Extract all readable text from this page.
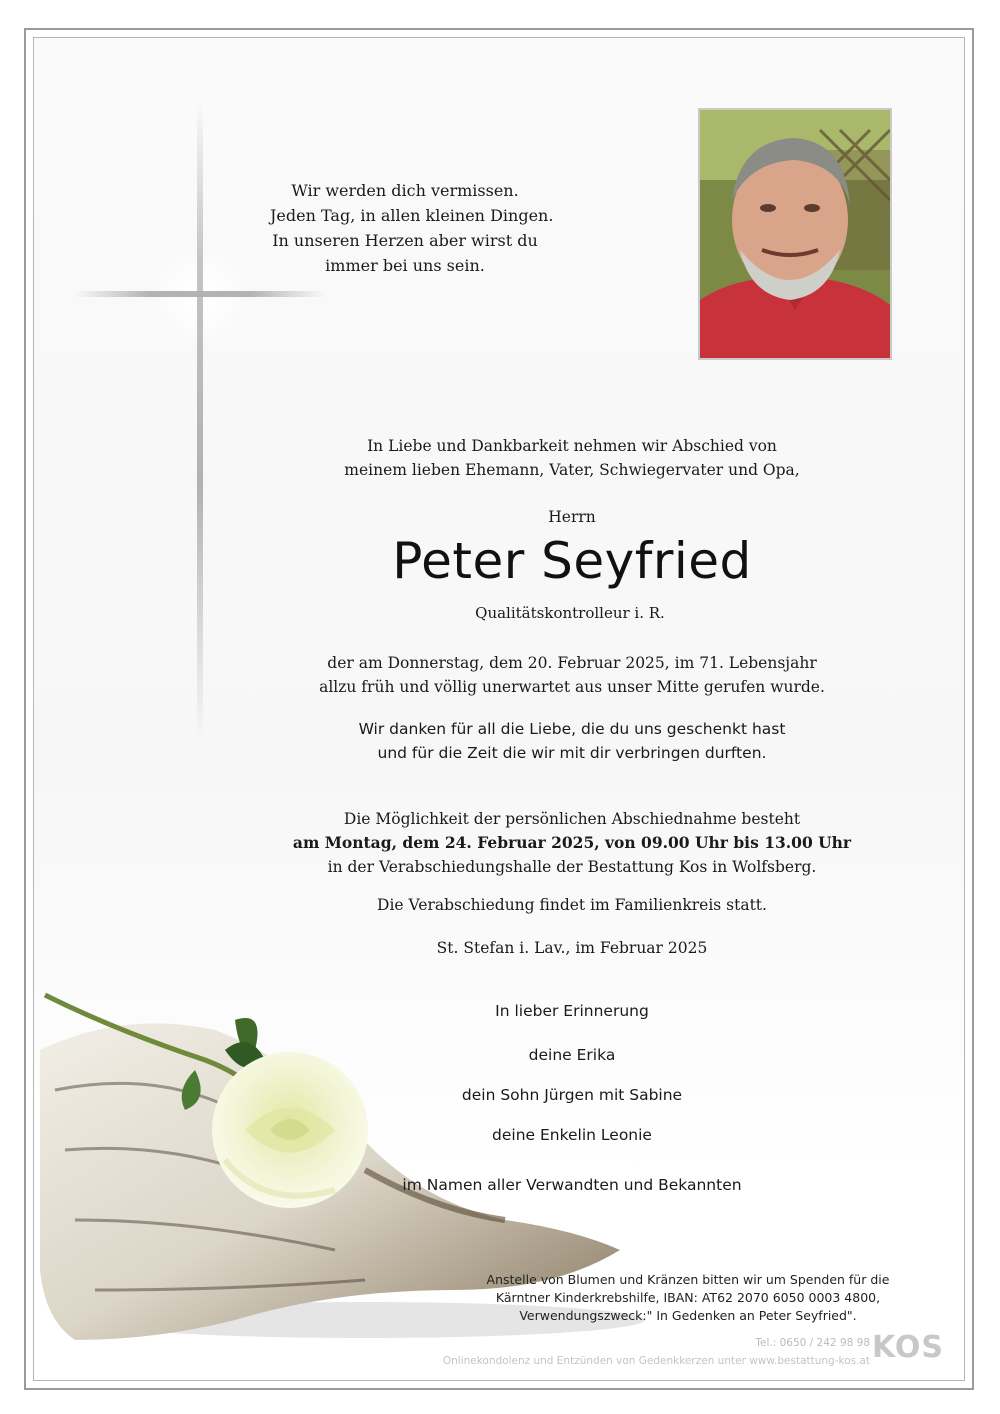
Wir werden dich vermissen.
Jeden Tag, in allen kleinen Dingen.
In unseren Herzen aber wirst du
immer bei uns sein.
In Liebe und Dankbarkeit nehmen wir Abschied von
meinem lieben Ehemann, Vater, Schwiegervater und Opa,
Herrn
Peter Seyfried
Qualitätskontrolleur i. R.
der am Donnerstag, dem 20. Februar 2025, im 71. Lebensjahr
allzu früh und völlig unerwartet aus unser Mitte gerufen wurde.
Wir danken für all die Liebe, die du uns geschenkt hast
und für die Zeit die wir mit dir verbringen durften.
Die Möglichkeit der persönlichen Abschiednahme besteht
am Montag, dem 24. Februar 2025, von 09.00 Uhr bis 13.00 Uhr
in der Verabschiedungshalle der Bestattung Kos in Wolfsberg.
Die Verabschiedung findet im Familienkreis statt.
St. Stefan i. Lav., im Februar 2025
In lieber Erinnerung
deine Erika
dein Sohn Jürgen mit Sabine
deine Enkelin Leonie
im Namen aller Verwandten und Bekannten
Anstelle von Blumen und Kränzen bitten wir um Spenden für die
Kärntner Kinderkrebshilfe, IBAN: AT62 2070 6050 0003 4800,
Verwendungszweck:" In Gedenken an Peter Seyfried".
Tel.: 0650 / 242 98 98
Onlinekondolenz und Entzünden von Gedenkkerzen unter www.bestattung-kos.at KOS
